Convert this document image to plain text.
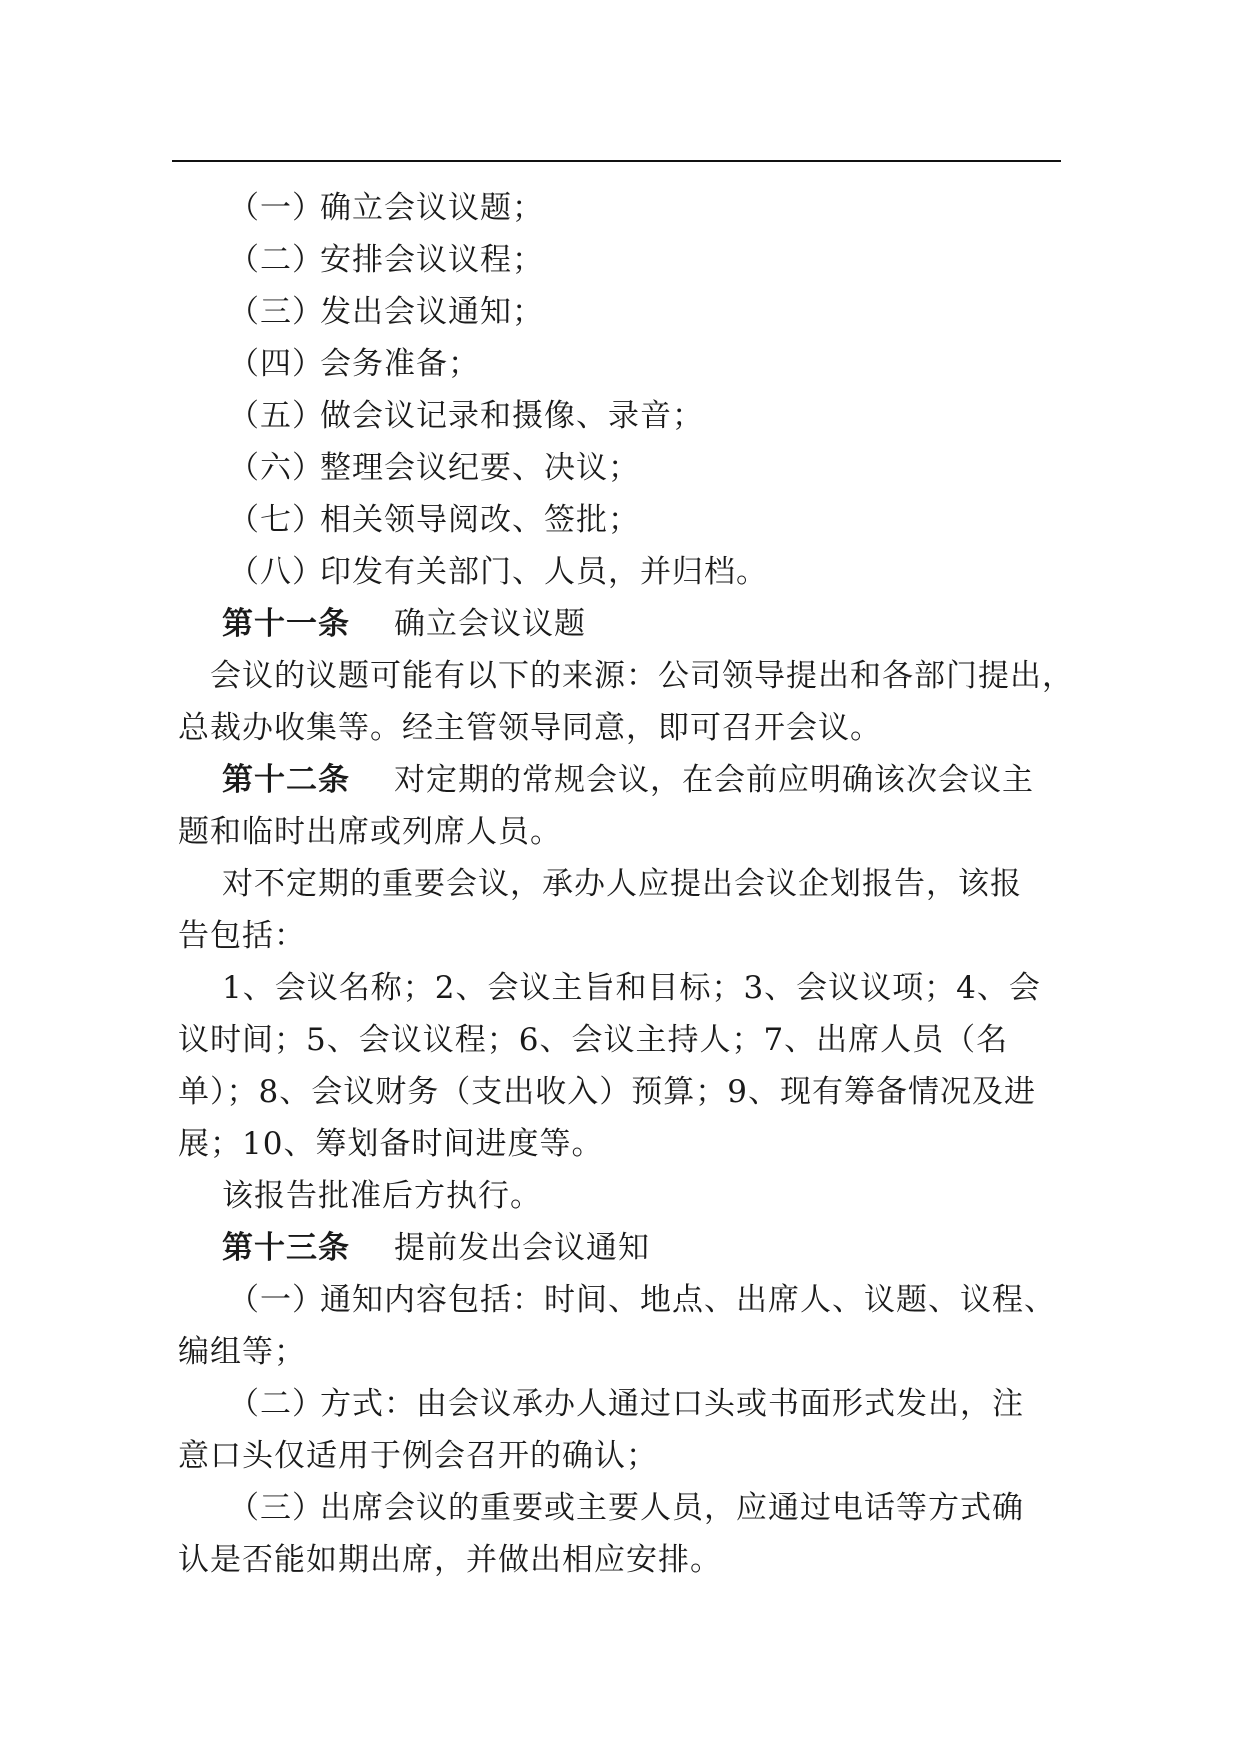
（一）确立会议议题；
（二）安排会议议程；
（三）发出会议通知；
（四）会务准备；
（五）做会议记录和摄像、录音；
（六）整理会议纪要、决议；
（七）相关领导阅改、签批；
（八）印发有关部门、人员，并归档。
第十一条 确立会议议题
会议的议题可能有以下的来源：公司领导提出和各部门提出，
总裁办收集等。经主管领导同意，即可召开会议。
第十二条 对定期的常规会议，在会前应明确该次会议主
题和临时出席或列席人员。
对不定期的重要会议，承办人应提出会议企划报告，该报
告包括：
1、会议名称；2、会议主旨和目标；3、会议议项；4、会
议时间；5、会议议程；6、会议主持人；7、出席人员（名
单）；8、会议财务（支出收入）预算；9、现有筹备情况及进
展；10、筹划备时间进度等。
该报告批准后方执行。
第十三条 提前发出会议通知
（一）通知内容包括：时间、地点、出席人、议题、议程、
编组等；
（二）方式：由会议承办人通过口头或书面形式发出，注
意口头仅适用于例会召开的确认；
（三）出席会议的重要或主要人员，应通过电话等方式确
认是否能如期出席，并做出相应安排。
